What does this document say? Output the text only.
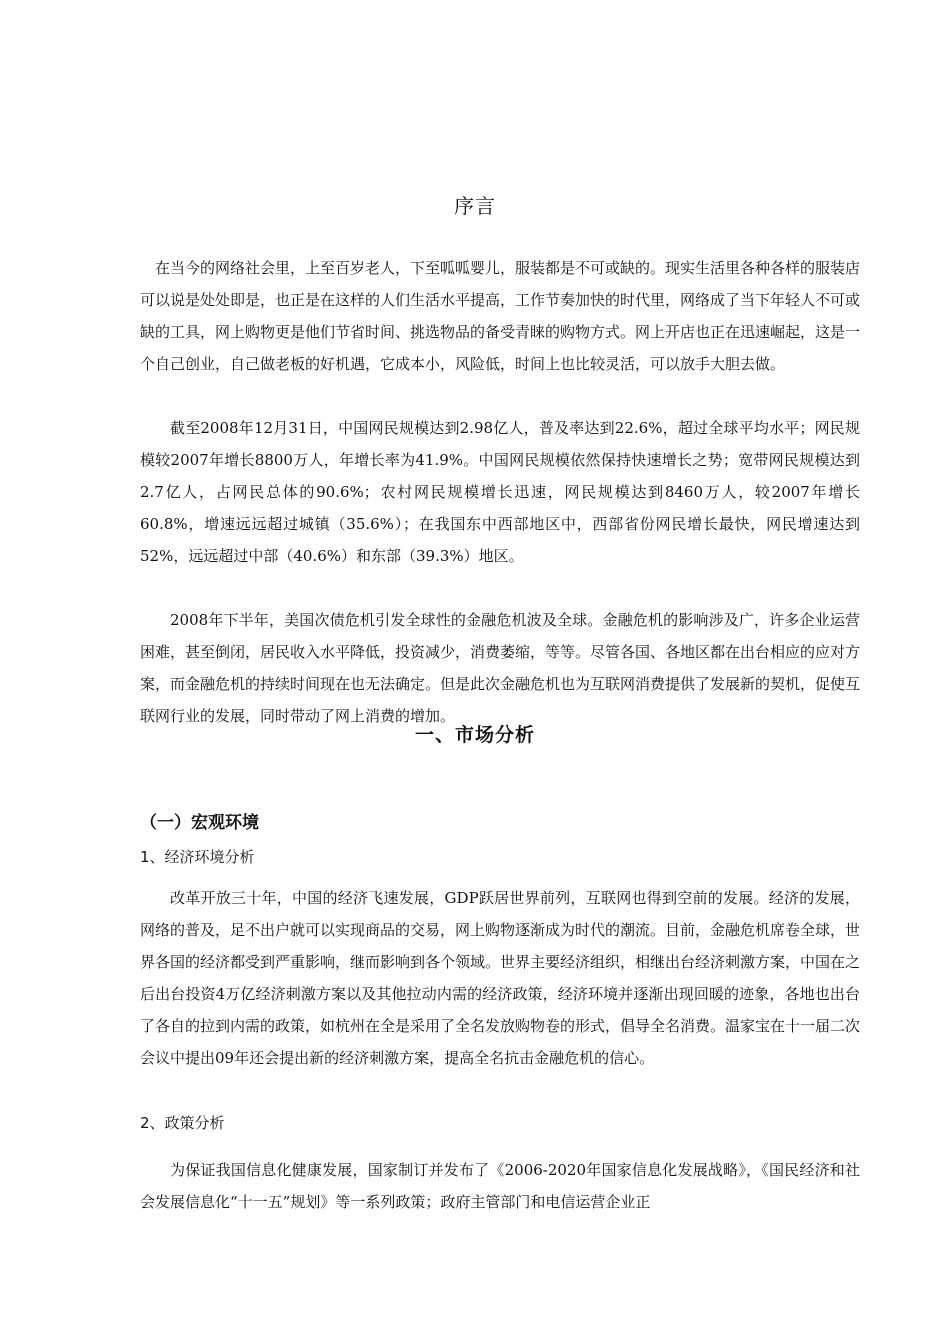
序言

在当今的网络社会里，上至百岁老人，下至呱呱婴儿，服装都是不可或缺的。现实生活里各种各样的服装店可以说是处处即是，也正是在这样的人们生活水平提高，工作节奏加快的时代里，网络成了当下年轻人不可或缺的工具，网上购物更是他们节省时间、挑选物品的备受青睐的购物方式。网上开店也正在迅速崛起，这是一个自己创业，自己做老板的好机遇，它成本小，风险低，时间上也比较灵活，可以放手大胆去做。

截至2008年12月31日，中国网民规模达到2.98亿人，普及率达到22.6%，超过全球平均水平；网民规模较2007年增长8800万人，年增长率为41.9%。中国网民规模依然保持快速增长之势；宽带网民规模达到2.7亿人，占网民总体的90.6%；农村网民规模增长迅速，网民规模达到8460万人，较2007年增长60.8%，增速远远超过城镇（35.6%）；在我国东中西部地区中，西部省份网民增长最快，网民增速达到52%，远远超过中部（40.6%）和东部（39.3%）地区。

2008年下半年，美国次债危机引发全球性的金融危机波及全球。金融危机的影响涉及广，许多企业运营困难，甚至倒闭，居民收入水平降低，投资减少，消费萎缩，等等。尽管各国、各地区都在出台相应的应对方案，而金融危机的持续时间现在也无法确定。但是此次金融危机也为互联网消费提供了发展新的契机，促使互联网行业的发展，同时带动了网上消费的增加。

一、市场分析
（一）宏观环境
1、经济环境分析

改革开放三十年，中国的经济飞速发展，GDP跃居世界前列，互联网也得到空前的发展。经济的发展，网络的普及，足不出户就可以实现商品的交易，网上购物逐渐成为时代的潮流。目前，金融危机席卷全球，世界各国的经济都受到严重影响，继而影响到各个领域。世界主要经济组织，相继出台经济刺激方案，中国在之后出台投资4万亿经济刺激方案以及其他拉动内需的经济政策，经济环境并逐渐出现回暖的迹象，各地也出台了各自的拉到内需的政策，如杭州在全是采用了全名发放购物卷的形式，倡导全名消费。温家宝在十一届二次会议中提出09年还会提出新的经济刺激方案，提高全名抗击金融危机的信心。

2、政策分析

为保证我国信息化健康发展，国家制订并发布了《2006-2020年国家信息化发展战略》，《国民经济和社会发展信息化“十一五”规划》等一系列政策；政府主管部门和电信运营企业正
